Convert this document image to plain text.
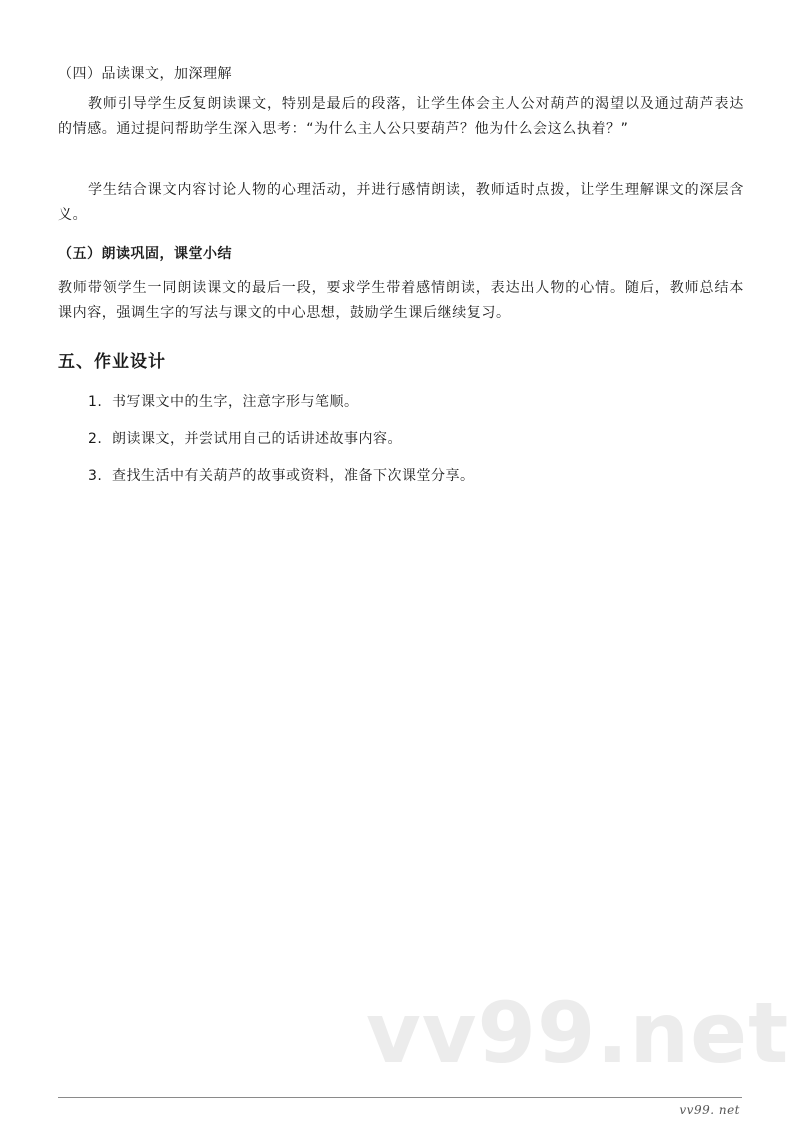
（四）品读课文，加深理解

教师引导学生反复朗读课文，特别是最后的段落，让学生体会主人公对葫芦的渴望以及通过葫芦表达的情感。通过提问帮助学生深入思考：“为什么主人公只要葫芦？他为什么会这么执着？”

学生结合课文内容讨论人物的心理活动，并进行感情朗读，教师适时点拨，让学生理解课文的深层含义。

（五）朗读巩固，课堂小结

教师带领学生一同朗读课文的最后一段，要求学生带着感情朗读，表达出人物的心情。随后，教师总结本课内容，强调生字的写法与课文的中心思想，鼓励学生课后继续复习。

五、作业设计
1. 书写课文中的生字，注意字形与笔顺。
2. 朗读课文，并尝试用自己的话讲述故事内容。
3. 查找生活中有关葫芦的故事或资料，准备下次课堂分享。
vv99.net
vv99. net
